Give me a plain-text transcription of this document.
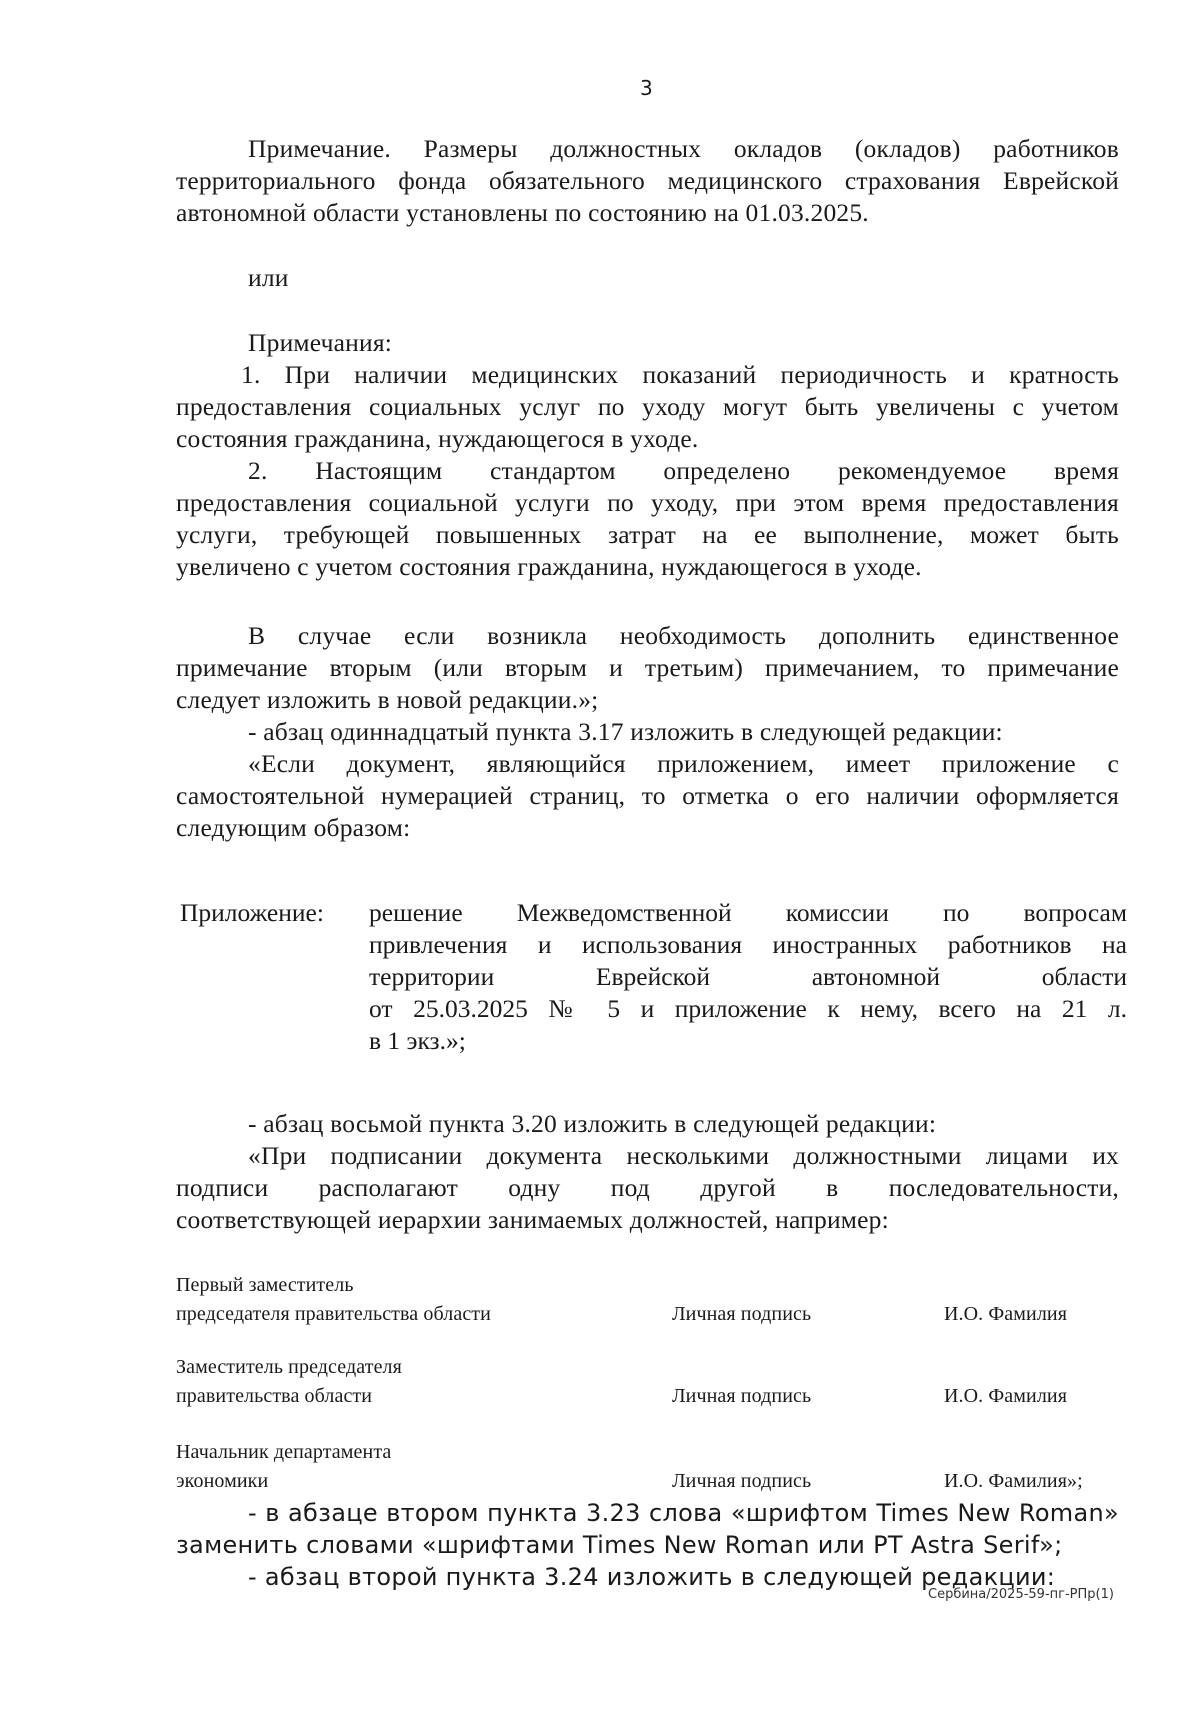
3
Примечание. Размеры должностных окладов (окладов) работников
территориального фонда обязательного медицинского страхования Еврейской
автономной области установлены по состоянию на 01.03.2025.
или
Примечания:
1. При наличии медицинских показаний периодичность и кратность
предоставления социальных услуг по уходу могут быть увеличены с учетом
состояния гражданина, нуждающегося в уходе.
2. Настоящим стандартом определено рекомендуемое время
предоставления социальной услуги по уходу, при этом время предоставления
услуги, требующей повышенных затрат на ее выполнение, может быть
увеличено с учетом состояния гражданина, нуждающегося в уходе.
В случае если возникла необходимость дополнить единственное
примечание вторым (или вторым и третьим) примечанием, то примечание
следует изложить в новой редакции.»;
- абзац одиннадцатый пункта 3.17 изложить в следующей редакции:
«Если документ, являющийся приложением, имеет приложение с
самостоятельной нумерацией страниц, то отметка о его наличии оформляется
следующим образом:
Приложение: решение Межведомственной комиссии по вопросам
привлечения и использования иностранных работников на
территории Еврейской автономной области
от 25.03.2025 № 5 и приложение к нему, всего на 21 л.
в 1 экз.»;
- абзац восьмой пункта 3.20 изложить в следующей редакции:
«При подписании документа несколькими должностными лицами их
подписи располагают одну под другой в последовательности,
соответствующей иерархии занимаемых должностей, например:
Первый заместитель
председателя правительства области	Личная подпись	И.О. Фамилия
Заместитель председателя
правительства области	Личная подпись	И.О. Фамилия
Начальник департамента
экономики	Личная подпись	И.О. Фамилия»;
- в абзаце втором пункта 3.23 слова «шрифтом Times New Roman»
заменить словами «шрифтами Times New Roman или PT Astra Serif»;
- абзац второй пункта 3.24 изложить в следующей редакции:
Сербина/2025-59-пг-РПр(1)
